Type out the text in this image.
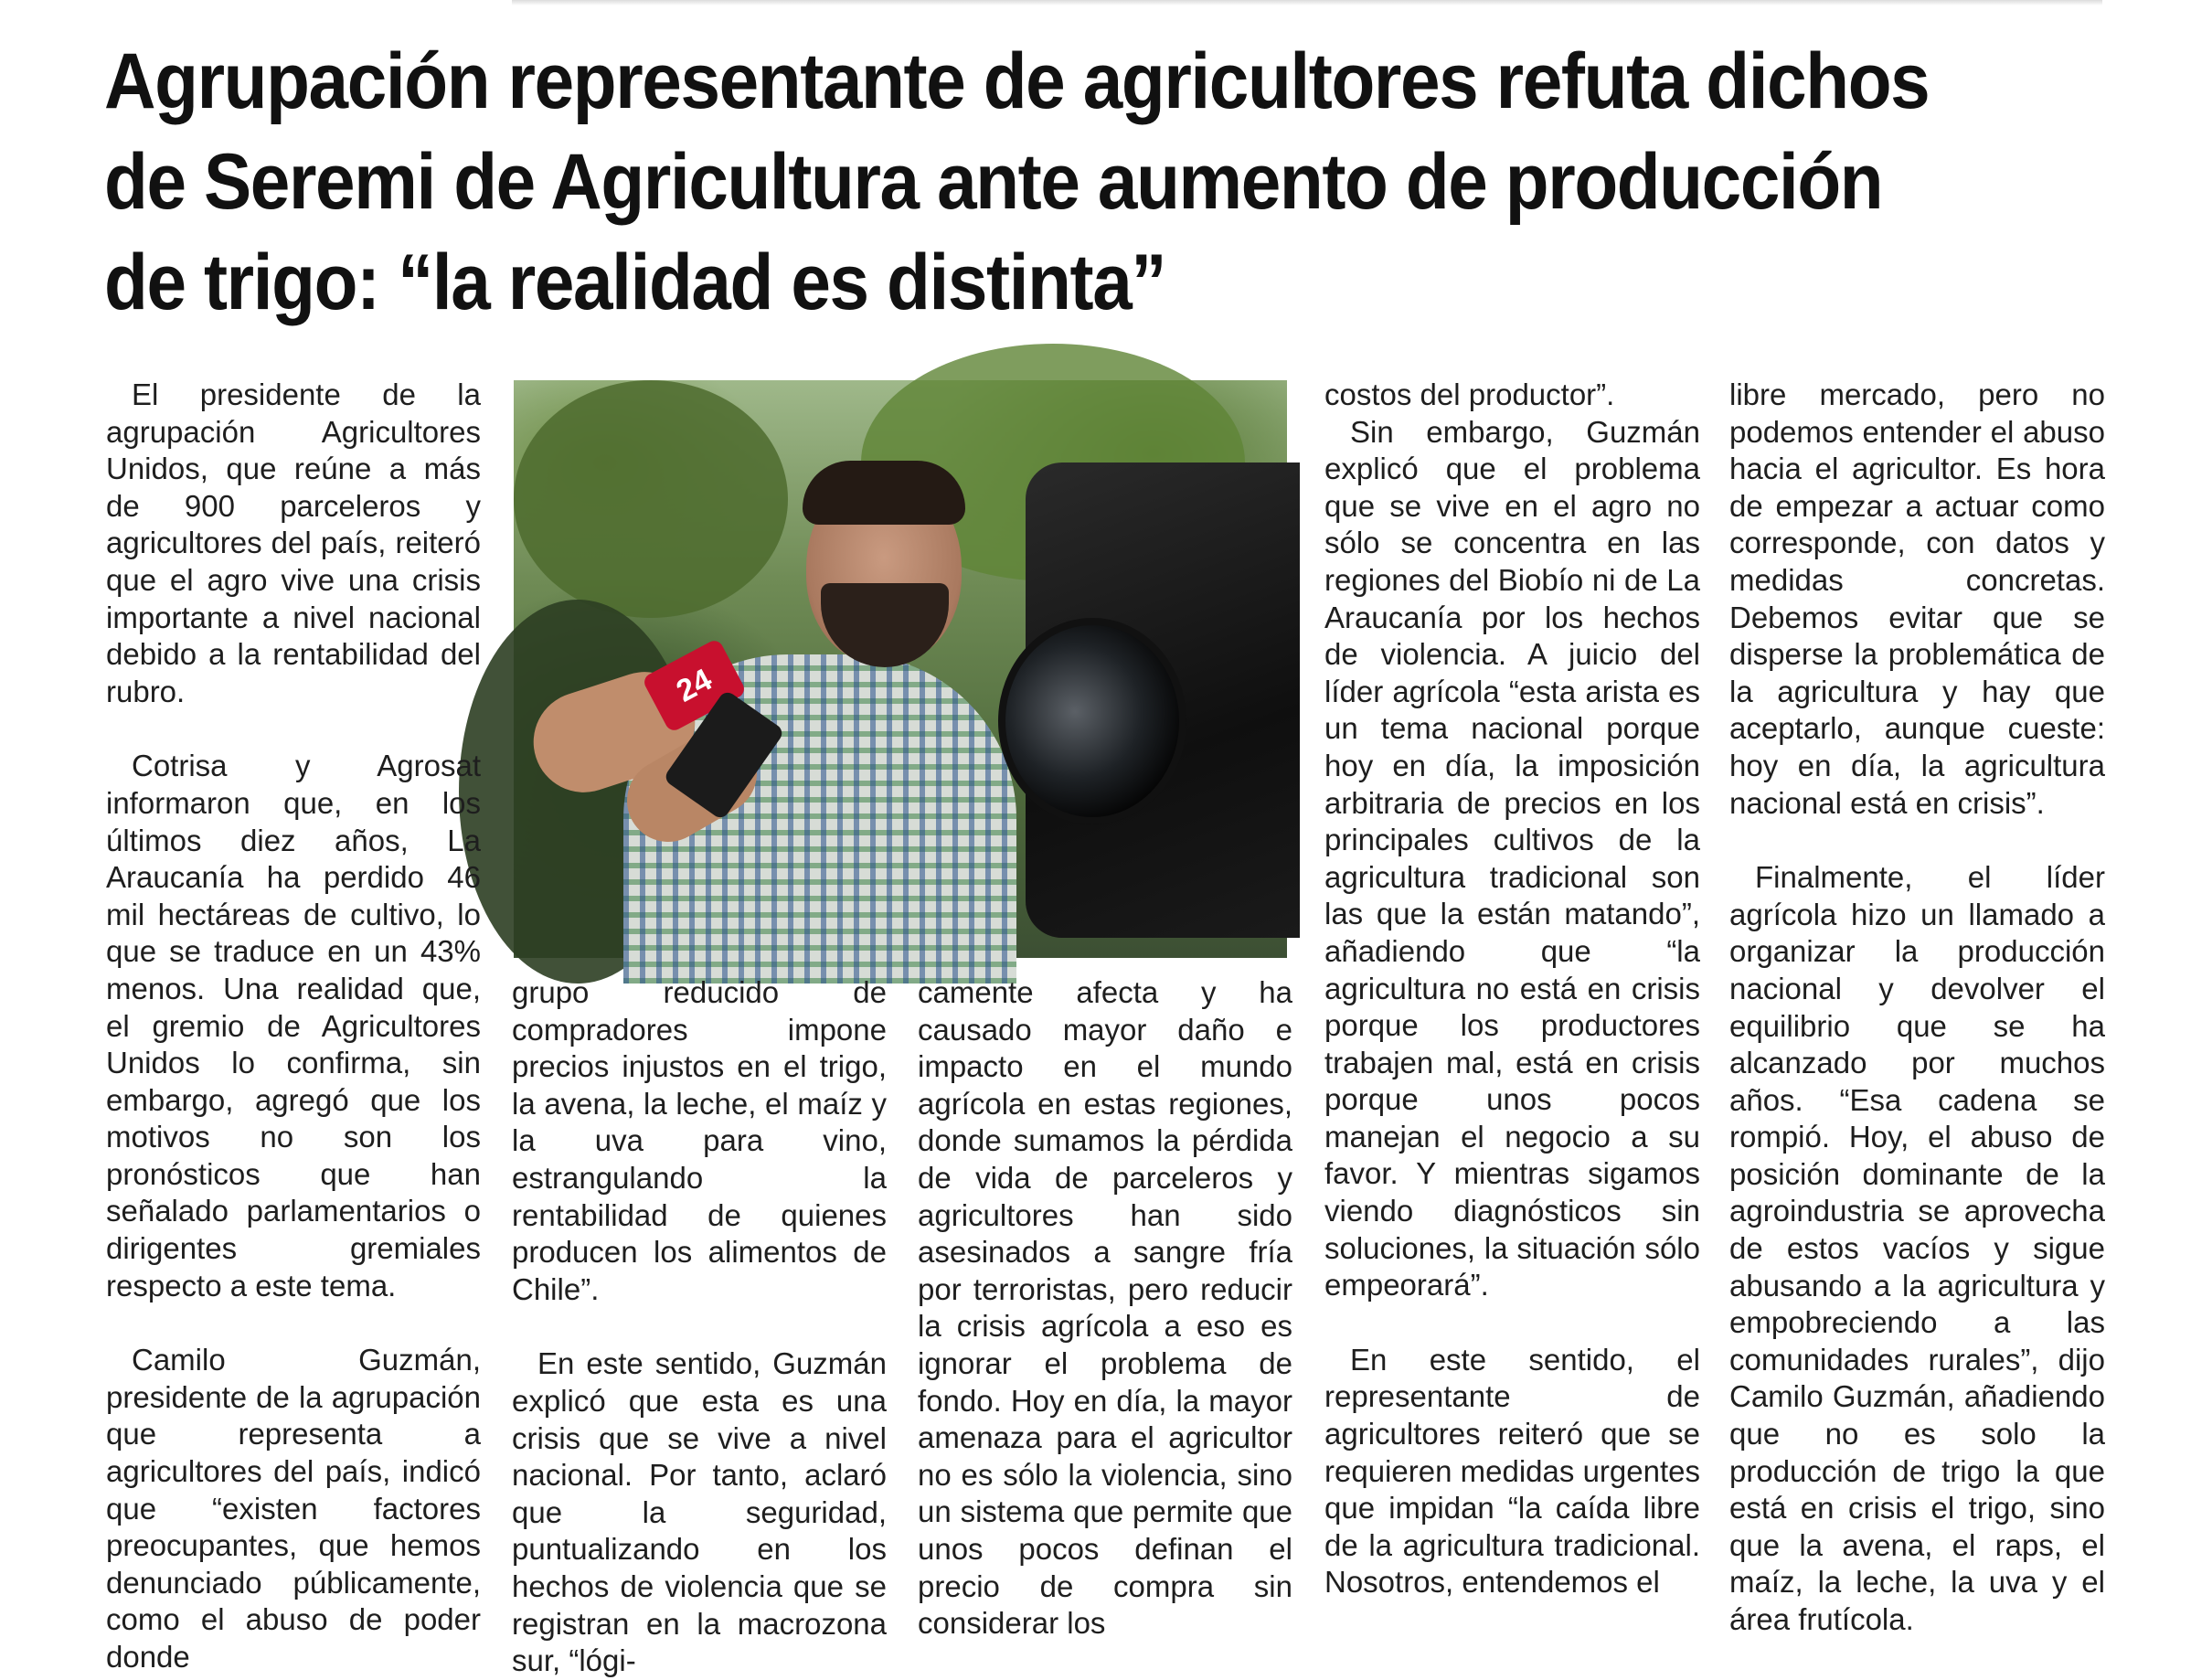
Agrupación representante de agricultores refuta dichos de Seremi de Agricultura ante aumento de producción de trigo: “la realidad es distinta”
24

El presidente de la agrupación Agricultores Unidos, que reúne a más de 900 parceleros y agricultores del país, reiteró que el agro vive una crisis importante a nivel nacional debido a la rentabilidad del rubro.

Cotrisa y Agrosat informaron que, en los últimos diez años, La Araucanía ha perdido 46 mil hectáreas de cultivo, lo que se traduce en un 43% menos. Una realidad que, el gremio de Agricultores Unidos lo confirma, sin embargo, agregó que los motivos no son los pronósticos que han señalado parlamentarios o dirigentes gremiales respecto a este tema.

Camilo Guzmán, presidente de la agrupación que representa a agricultores del país, indicó que “existen factores preocupantes, que hemos denunciado públicamente, como el abuso de poder donde

grupo reducido de compradores impone precios injustos en el trigo, la avena, la leche, el maíz y la uva para vino, estrangulando la rentabilidad de quienes producen los alimentos de Chile”.

En este sentido, Guzmán explicó que esta es una crisis que se vive a nivel nacional. Por tanto, aclaró que la seguridad, puntualizando en los hechos de violencia que se registran en la macrozona sur, “lógi-

camente afecta y ha causado mayor daño e impacto en el mundo agrícola en estas regiones, donde sumamos la pérdida de vida de parceleros y agricultores han sido asesinados a sangre fría por terroristas, pero reducir la crisis agrícola a eso es ignorar el problema de fondo. Hoy en día, la mayor amenaza para el agricultor no es sólo la violencia, sino un sistema que permite que unos pocos definan el precio de compra sin considerar los

costos del productor”.

Sin embargo, Guzmán explicó que el problema que se vive en el agro no sólo se concentra en las regiones del Biobío ni de La Araucanía por los hechos de violencia. A juicio del líder agrícola “esta arista es un tema nacional porque hoy en día, la imposición arbitraria de precios en los principales cultivos de la agricultura tradicional son las que la están matando”, añadiendo que “la agricultura no está en crisis porque los productores trabajen mal, está en crisis porque unos pocos manejan el negocio a su favor. Y mientras sigamos viendo diagnósticos sin soluciones, la situación sólo empeorará”.

En este sentido, el representante de agricultores reiteró que se requieren medidas urgentes que impidan “la caída libre de la agricultura tradicional. Nosotros, entendemos el

libre mercado, pero no podemos entender el abuso hacia el agricultor. Es hora de empezar a actuar como corresponde, con datos y medidas concretas. Debemos evitar que se disperse la problemática de la agricultura y hay que aceptarlo, aunque cueste: hoy en día, la agricultura nacional está en crisis”.

Finalmente, el líder agrícola hizo un llamado a organizar la producción nacional y devolver el equilibrio que se ha alcanzado por muchos años. “Esa cadena se rompió. Hoy, el abuso de posición dominante de la agroindustria se aprovecha de estos vacíos y sigue abusando a la agricultura y empobreciendo a las comunidades rurales”, dijo Camilo Guzmán, añadiendo que no es solo la producción de trigo la que está en crisis el trigo, sino que la avena, el raps, el maíz, la leche, la uva y el área frutícola.
